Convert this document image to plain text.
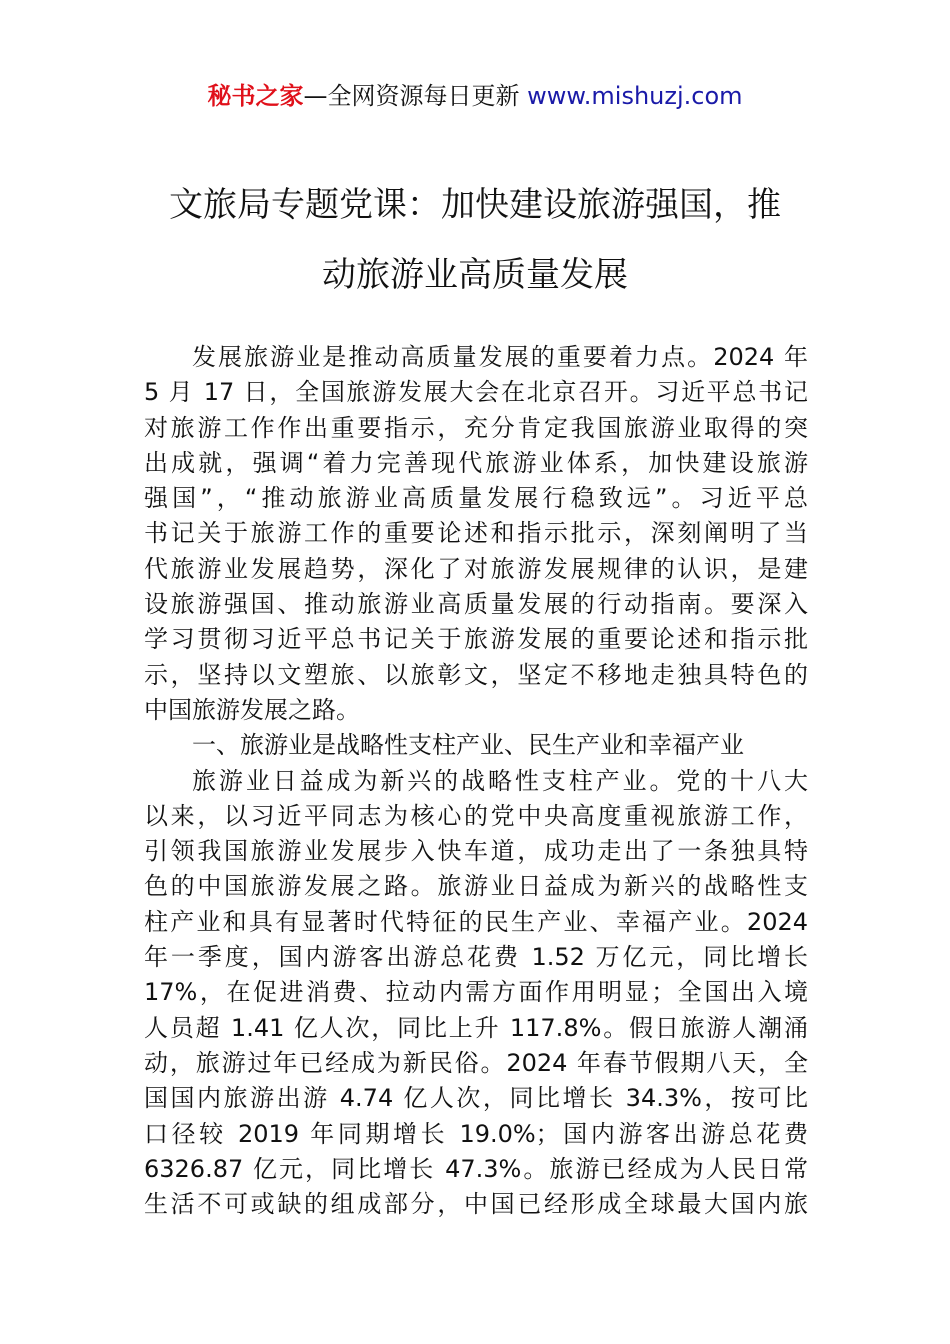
秘书之家—全网资源每日更新 www.mishuzj.com
文旅局专题党课：加快建设旅游强国，推
动旅游业高质量发展
发展旅游业是推动高质量发展的重要着力点。2024 年
5 月 17 日，全国旅游发展大会在北京召开。习近平总书记
对旅游工作作出重要指示，充分肯定我国旅游业取得的突
出成就，强调“着力完善现代旅游业体系，加快建设旅游
强国”，“推动旅游业高质量发展行稳致远”。习近平总
书记关于旅游工作的重要论述和指示批示，深刻阐明了当
代旅游业发展趋势，深化了对旅游发展规律的认识，是建
设旅游强国、推动旅游业高质量发展的行动指南。要深入
学习贯彻习近平总书记关于旅游发展的重要论述和指示批
示，坚持以文塑旅、以旅彰文，坚定不移地走独具特色的
中国旅游发展之路。
一、旅游业是战略性支柱产业、民生产业和幸福产业
旅游业日益成为新兴的战略性支柱产业。党的十八大
以来，以习近平同志为核心的党中央高度重视旅游工作，
引领我国旅游业发展步入快车道，成功走出了一条独具特
色的中国旅游发展之路。旅游业日益成为新兴的战略性支
柱产业和具有显著时代特征的民生产业、幸福产业。2024
年一季度，国内游客出游总花费 1.52 万亿元，同比增长
17%，在促进消费、拉动内需方面作用明显；全国出入境
人员超 1.41 亿人次，同比上升 117.8%。假日旅游人潮涌
动，旅游过年已经成为新民俗。2024 年春节假期八天，全
国国内旅游出游 4.74 亿人次，同比增长 34.3%，按可比
口径较 2019 年同期增长 19.0%；国内游客出游总花费
6326.87 亿元，同比增长 47.3%。旅游已经成为人民日常
生活不可或缺的组成部分，中国已经形成全球最大国内旅
